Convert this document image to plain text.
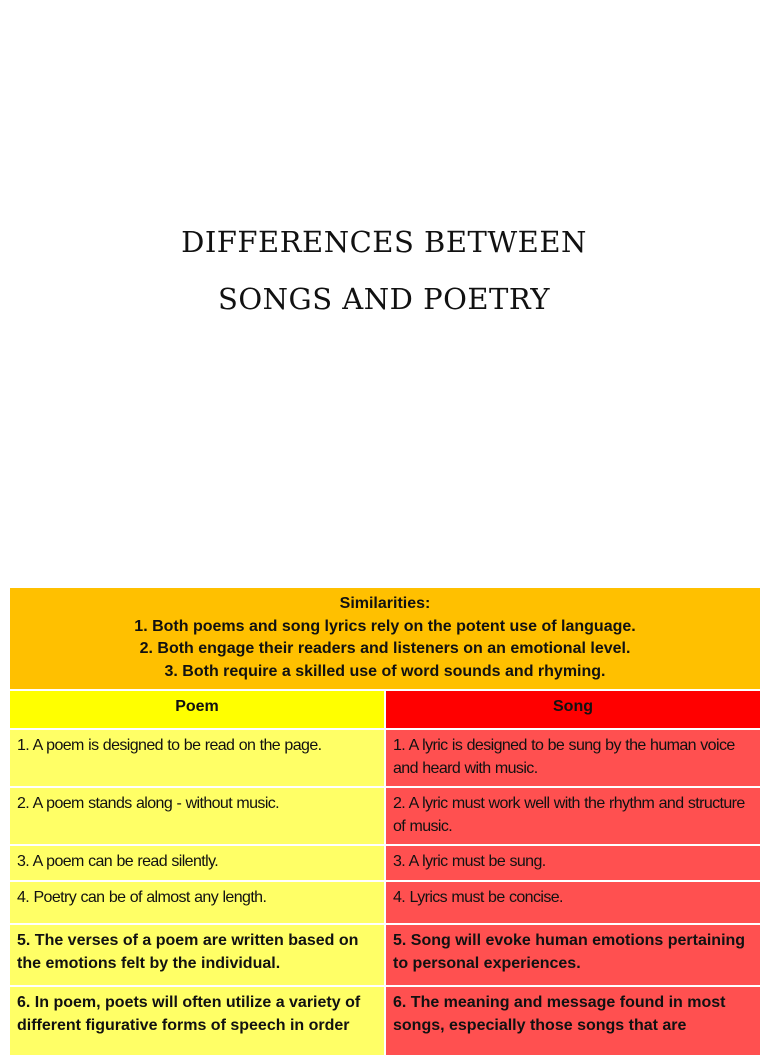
DIFFERENCES BETWEEN
SONGS AND POETRY
Similarities:
1. Both poems and song lyrics rely on the potent use of language.
2. Both engage their readers and listeners on an emotional level.
3. Both require a skilled use of word sounds and rhyming.	

Poem	Song
1. A poem is designed to be read on the page.	1. A lyric is designed to be sung by the human voice and heard with music.
2. A poem stands along - without music.	2. A lyric must work well with the rhythm and structure of music.
3. A poem can be read silently.	3. A lyric must be sung.
4. Poetry can be of almost any length.	4. Lyrics must be concise.
5. The verses of a poem are written based on the emotions felt by the individual.	5. Song will evoke human emotions pertaining to personal experiences.
6. In poem, poets will often utilize a variety of different figurative forms of speech in order	6. The meaning and message found in most songs, especially those songs that are
